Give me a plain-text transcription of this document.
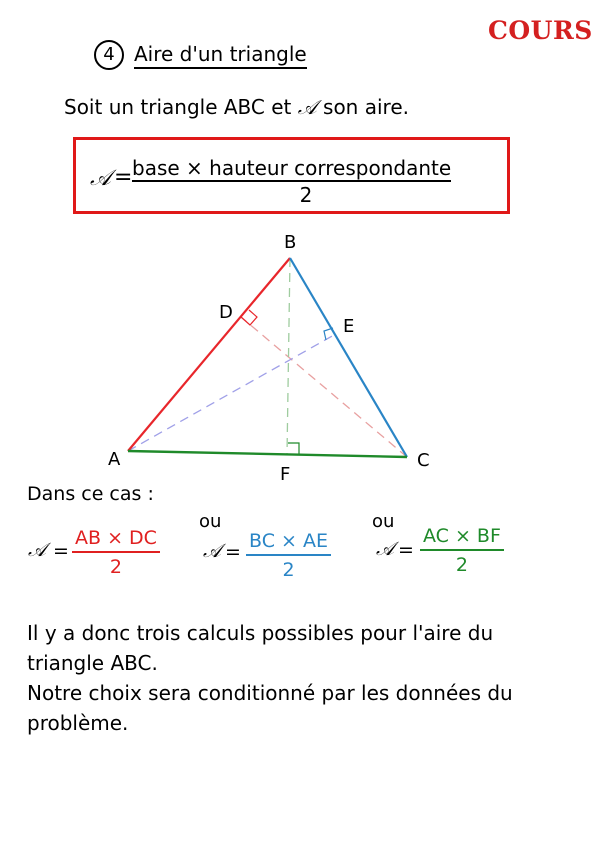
COURS
4 Aire d'un triangle
Soit un triangle ABC et 𝒜 son aire.
𝒜 = base × hauteur correspondante
2
A
B
C
D
E
F
Dans ce cas :
𝒜 = $\frac{AB \times DC}{2}$
ou
𝒜 = $\frac{BC \times AE}{2}$
ou
𝒜 = $\frac{AC \times BF}{2}$
Il y a donc trois calculs possibles pour l'aire du triangle ABC.
Notre choix sera conditionné par les données du problème.
